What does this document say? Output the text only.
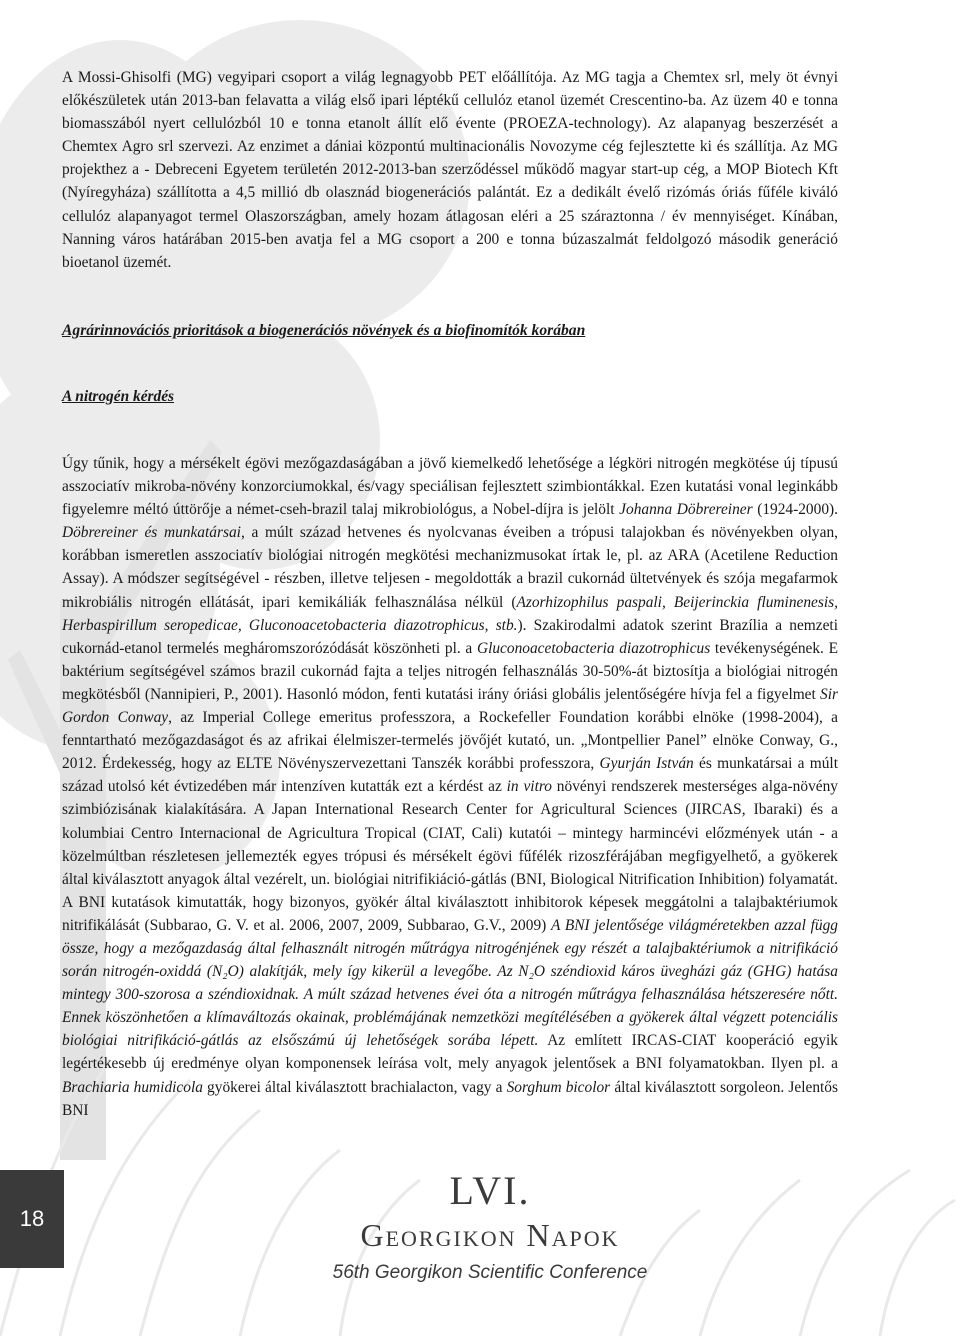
A Mossi-Ghisolfi (MG) vegyipari csoport a világ legnagyobb PET előállítója. Az MG tagja a Chemtex srl, mely öt évnyi előkészületek után 2013-ban felavatta a világ első ipari léptékű cellulóz etanol üzemét Crescentino-ba. Az üzem 40 e tonna biomasszából nyert cellulózból 10 e tonna etanolt állít elő évente (PROEZA-technology). Az alapanyag beszerzését a Chemtex Agro srl szervezi. Az enzimet a dániai központú multinacionális Novozyme cég fejlesztette ki és szállítja. Az MG projekthez a - Debreceni Egyetem területén 2012-2013-ban szerződéssel működő magyar start-up cég, a MOP Biotech Kft (Nyíregyháza) szállította a 4,5 millió db olasznád biogenerációs palántát. Ez a dedikált évelő rizómás óriás fűféle kiváló cellulóz alapanyagot termel Olaszországban, amely hozam átlagosan eléri a 25 száraztonna / év mennyiséget. Kínában, Nanning város határában 2015-ben avatja fel a MG csoport a 200 e tonna búzaszalmát feldolgozó második generáció bioetanol üzemét.

Agrárinnovációs prioritások a biogenerációs növények és a biofinomítók korában
A nitrogén kérdés

Úgy tűnik, hogy a mérsékelt égövi mezőgazdaságában a jövő kiemelkedő lehetősége a légköri nitrogén megkötése új típusú asszociatív mikroba-növény konzorciumokkal, és/vagy speciálisan fejlesztett szimbiontákkal. Ezen kutatási vonal leginkább figyelemre méltó úttörője a német-cseh-brazil talaj mikrobiológus, a Nobel-díjra is jelölt Johanna Döbrereiner (1924-2000). Döbrereiner és munkatársai, a múlt század hetvenes és nyolcvanas éveiben a trópusi talajokban és növényekben olyan, korábban ismeretlen asszociatív biológiai nitrogén megkötési mechanizmusokat írtak le, pl. az ARA (Acetilene Reduction Assay). A módszer segítségével - részben, illetve teljesen - megoldották a brazil cukornád ültetvények és szója megafarmok mikrobiális nitrogén ellátását, ipari kemikáliák felhasználása nélkül (Azorhizophilus paspali, Beijerinckia fluminenesis, Herbaspirillum seropedicae, Gluconoacetobacteria diazotrophicus, stb.). Szakirodalmi adatok szerint Brazília a nemzeti cukornád-etanol termelés megháromszorózódását köszönheti pl. a Gluconoacetobacteria diazotrophicus tevékenységének. E baktérium segítségével számos brazil cukornád fajta a teljes nitrogén felhasználás 30-50%-át biztosítja a biológiai nitrogén megkötésből (Nannipieri, P., 2001). Hasonló módon, fenti kutatási irány óriási globális jelentőségére hívja fel a figyelmet Sir Gordon Conway, az Imperial College emeritus professzora, a Rockefeller Foundation korábbi elnöke (1998-2004), a fenntartható mezőgazdaságot és az afrikai élelmiszer-termelés jövőjét kutató, un. „Montpellier Panel” elnöke Conway, G., 2012. Érdekesség, hogy az ELTE Növényszervezettani Tanszék korábbi professzora, Gyurján István és munkatársai a múlt század utolsó két évtizedében már intenzíven kutatták ezt a kérdést az in vitro növényi rendszerek mesterséges alga-növény szimbiózisának kialakítására. A Japan International Research Center for Agricultural Sciences (JIRCAS, Ibaraki) és a kolumbiai Centro Internacional de Agricultura Tropical (CIAT, Cali) kutatói – mintegy harmincévi előzmények után - a közelmúltban részletesen jellemezték egyes trópusi és mérsékelt égövi fűfélék rizoszférájában megfigyelhető, a gyökerek által kiválasztott anyagok által vezérelt, un. biológiai nitrifikiáció-gátlás (BNI, Biological Nitrification Inhibition) folyamatát. A BNI kutatások kimutatták, hogy bizonyos, gyökér által kiválasztott inhibitorok képesek meggátolni a talajbaktériumok nitrifikálását (Subbarao, G. V. et al. 2006, 2007, 2009, Subbarao, G.V., 2009) A BNI jelentősége világméretekben azzal függ össze, hogy a mezőgazdaság által felhasznált nitrogén műtrágya nitrogénjének egy részét a talajbaktériumok a nitrifikáció során nitrogén-oxiddá (N₂O) alakítják, mely így kikerül a levegőbe. Az N₂O széndioxid káros üvegházi gáz (GHG) hatása mintegy 300-szorosa a széndioxidnak. A múlt század hetvenes évei óta a nitrogén műtrágya felhasználása hétszeresére nőtt. Ennek köszönhetően a klímaváltozás okainak, problémájának nemzetközi megítélésében a gyökerek által végzett potenciális biológiai nitrifikáció-gátlás az elsőszámú új lehetőségek sorába lépett. Az említett IRCAS-CIAT kooperáció egyik legértékesebb új eredménye olyan komponensek leírása volt, mely anyagok jelentősek a BNI folyamatokban. Ilyen pl. a Brachiaria humidicola gyökerei által kiválasztott brachialacton, vagy a Sorghum bicolor által kiválasztott sorgoleon. Jelentős BNI

18
LVI.
Georgikon Napok
56th Georgikon Scientific Conference
